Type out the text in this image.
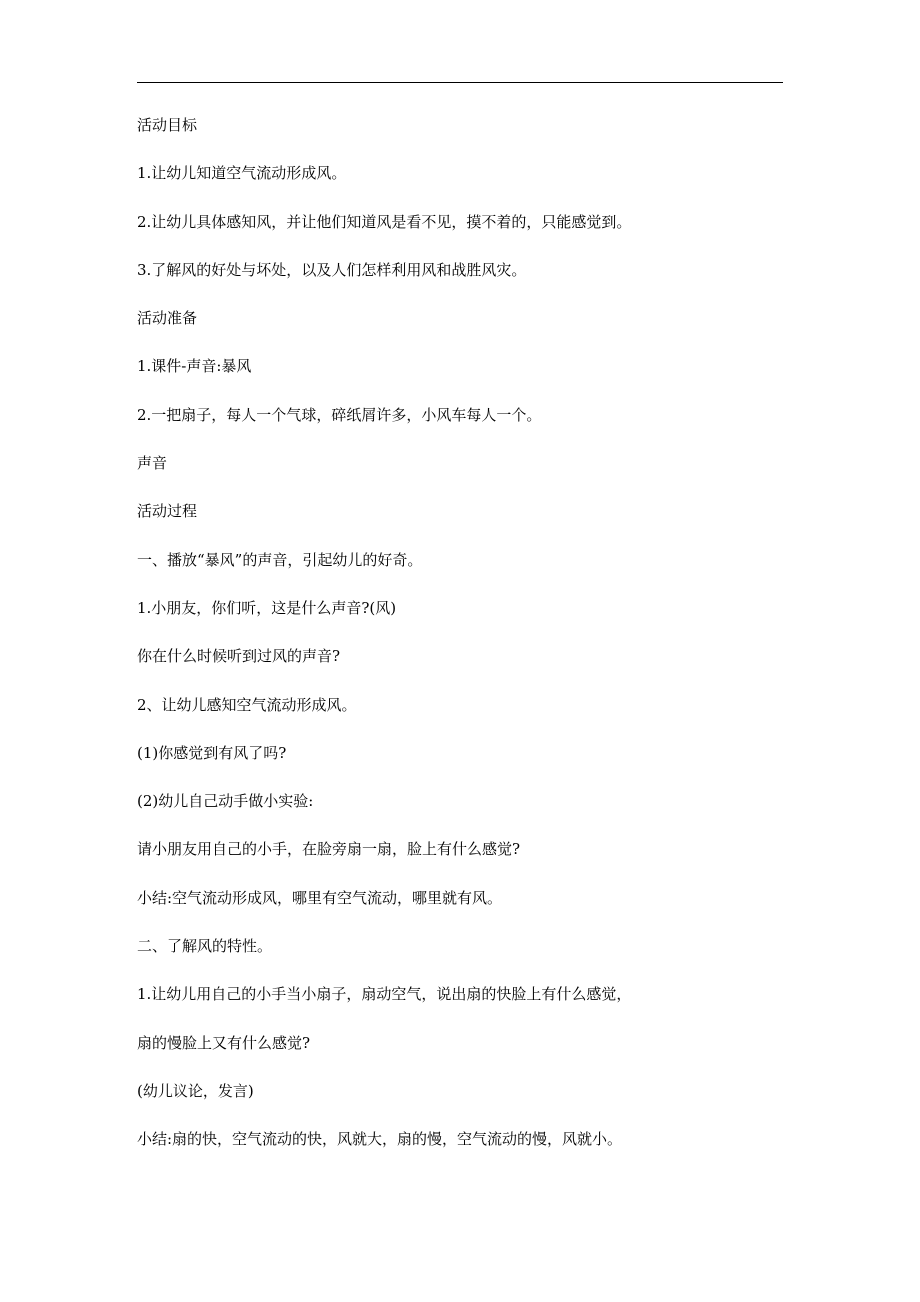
活动目标
1.让幼儿知道空气流动形成风。
2.让幼儿具体感知风，并让他们知道风是看不见，摸不着的，只能感觉到。
3.了解风的好处与坏处，以及人们怎样利用风和战胜风灾。
活动准备
1.课件-声音:暴风
2.一把扇子，每人一个气球，碎纸屑许多，小风车每人一个。
声音
活动过程
一、播放“暴风”的声音，引起幼儿的好奇。
1.小朋友，你们听，这是什么声音?(风)
你在什么时候听到过风的声音?
2、让幼儿感知空气流动形成风。
(1)你感觉到有风了吗?
(2)幼儿自己动手做小实验:
请小朋友用自己的小手，在脸旁扇一扇，脸上有什么感觉?
小结:空气流动形成风，哪里有空气流动，哪里就有风。
二、了解风的特性。
1.让幼儿用自己的小手当小扇子，扇动空气，说出扇的快脸上有什么感觉，
扇的慢脸上又有什么感觉?
(幼儿议论，发言)
小结:扇的快，空气流动的快，风就大，扇的慢，空气流动的慢，风就小。
